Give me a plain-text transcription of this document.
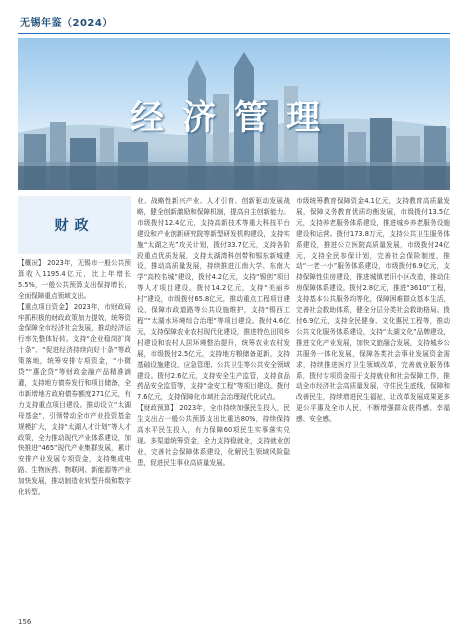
无锡年鉴（2024）
经济管理
财政

【概况】 2023年，无锡市一般公共预算收入1195.4亿元，比上年增长5.5%，一般公共预算支出保持增长，全面保障重点领域支出。

【重点项目资金】 2023年，市财政局牢抓积极的财政政策加力提效，统筹资金保障全市经济社会发展，推动经济运行率先整体好转。支持“企业稳岗扩岗十条”、“促进经济持续向好十条”等政策落地，统筹安排专项资金，“小微贷”“惠企贷”等财政金融产品精准滴灌，支持地方债券发行和项目储备，全市新增地方政府债券额度271亿元，有力支持重点项目建设。推动设立“太湖母基金”，引领带动全市产业投资基金规模扩大，支持“太湖人才计划”等人才政策，全力推动现代产业体系建设，加快推进“465”现代产业集群发展，累计安排产业发展专项资金，支持集成电路、生物医药、物联网、新能源等产业加快发展，推动制造业转型升级和数字化转型。

业、战略性新兴产业、人才引育、创新驱动发展战略，健全创新激励和保障机制，提高自主创新能力。市级拨付12.4亿元，支持高新技术等重大科技平台建设和产业创新研究院等新型研发机构建设，支持实施“太湖之光”攻关计划，拨付33.7亿元，支持各阶段重点优质发展，支持太湖湾科创带和锡东新城建设，推动高质量发展，持续推进江南大学、东南大学“高校名城”建设，拨付4.2亿元，支持“锡创”项目等人才项目建设。拨付14.2亿元，支持“美丽乡村”建设，市级拨付65.8亿元，推动重点工程项目建设，保障市政道路等公共设施维护，支持“锡西工程”“太湖水环境综合治理”等项目建设。拨付4.6亿元，支持保障农业农村现代化建设，推进特色田园乡村建设和农村人居环境整治提升，统筹农业农村发展，市级拨付2.5亿元，支持地方粮储备更新，支持基础设施建设、应急管理、公共卫生等公共安全领域建设。拨付2.6亿元，支持安全生产监管，支持食品药品安全监管等，支持“金安工程”等项目建设。拨付7.6亿元，支持保障化市域社会治理现代化试点。

【财政预算】 2023年，全市持续加强民生投入，民生支出占一般公共预算支出比重达80%，持续保持高水平民生投入，有力保障60项民生实事落实兑现。多渠道统筹资金，全力支持稳就业，支持就业创业，完善社会保障体系建设，化解民生领域风险隐患，促进民生事业高质量发展。

市级统筹教育保障资金4.1亿元，支持教育高质量发展，保障义务教育优质均衡发展，市级拨付13.5亿元，支持养老服务体系建设，推进城乡养老服务设施建设和运营。拨付173.8万元，支持公共卫生服务体系建设，推进公立医院高质量发展，市级拨付24亿元，支持全民参保计划，完善社会保险制度，推动“一老一小”服务体系建设，市级拨付6.9亿元，支持保障性住房建设，推进城镇老旧小区改造，推动住房保障体系建设。拨付2.8亿元，推进“3610”工程，支持基本公共服务均等化，保障困难群众基本生活，完善社会救助体系，健全分层分类社会救助格局。拨付6.9亿元，支持全民健身、文化惠民工程等，推动公共文化服务体系建设，支持“太湖文化”品牌建设，推进文化产业发展，加快文旅融合发展，支持城乡公共服务一体化发展，保障各类社会事业发展资金需求，持续推进医疗卫生领域改革，完善就业服务体系，拨付专项资金用于支持就业和社会保障工作，推动全市经济社会高质量发展，守住民生底线，保障和改善民生，持续增进民生福祉，让改革发展成果更多更公平惠及全市人民，不断增强群众获得感、幸福感、安全感。

156
